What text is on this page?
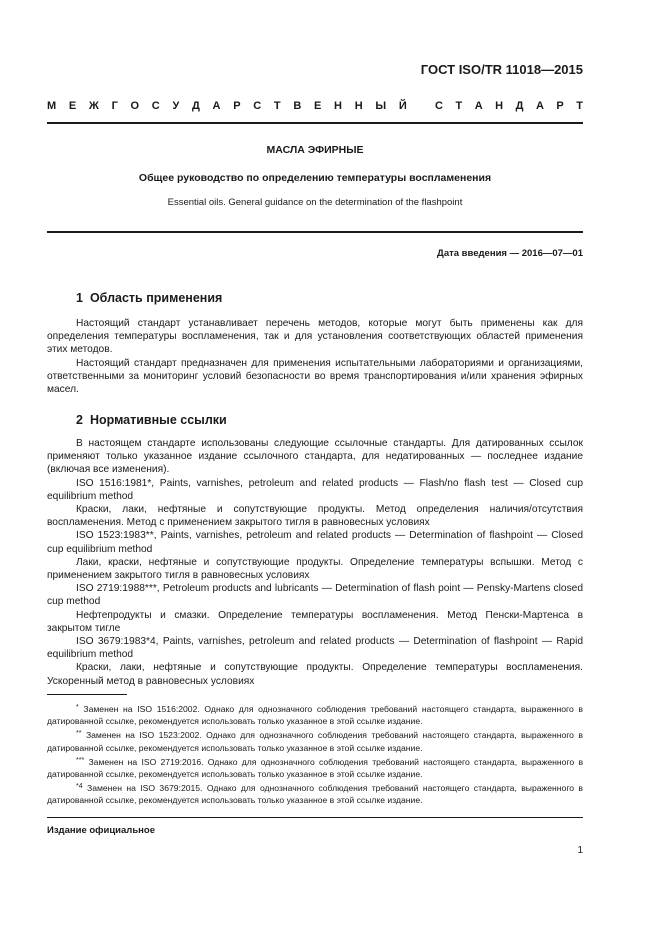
ГОСТ ISO/TR 11018—2015
М Е Ж Г О С У Д А Р С Т В Е Н Н Ы Й	С Т А Н Д А Р Т
МАСЛА ЭФИРНЫЕ
Общее руководство по определению температуры воспламенения
Essential oils. General guidance on the determination of the flashpoint
Дата введения — 2016—07—01
1 Область применения

Настоящий стандарт устанавливает перечень методов, которые могут быть применены как для определения температуры воспламенения, так и для установления соответствующих областей применения этих методов.

Настоящий стандарт предназначен для применения испытательными лабораториями и организациями, ответственными за мониторинг условий безопасности во время транспортирования и/или хранения эфирных масел.

2 Нормативные ссылки

В настоящем стандарте использованы следующие ссылочные стандарты. Для датированных ссылок применяют только указанное издание ссылочного стандарта, для недатированных — последнее издание (включая все изменения).

ISO 1516:1981*, Paints, varnishes, petroleum and related products — Flash/no flash test — Closed cup equilibrium method

Краски, лаки, нефтяные и сопутствующие продукты. Метод определения наличия/отсутствия воспламенения. Метод с применением закрытого тигля в равновесных условиях

ISO 1523:1983**, Paints, varnishes, petroleum and related products — Determination of flashpoint — Closed cup equilibrium method

Лаки, краски, нефтяные и сопутствующие продукты. Определение температуры вспышки. Метод с применением закрытого тигля в равновесных условиях

ISO 2719:1988***, Petroleum products and lubricants — Determination of flash point — Pensky-Martens closed cup method

Нефтепродукты и смазки. Определение температуры воспламенения. Метод Пенски-Мартенса в закрытом тигле

ISO 3679:1983*4, Paints, varnishes, petroleum and related products — Determination of flashpoint — Rapid equilibrium method

Краски, лаки, нефтяные и сопутствующие продукты. Определение температуры воспламенения. Ускоренный метод в равновесных условиях

* Заменен на ISO 1516:2002. Однако для однозначного соблюдения требований настоящего стандарта, выраженного в датированной ссылке, рекомендуется использовать только указанное в этой ссылке издание.

** Заменен на ISO 1523:2002. Однако для однозначного соблюдения требований настоящего стандарта, выраженного в датированной ссылке, рекомендуется использовать только указанное в этой ссылке издание.

*** Заменен на ISO 2719:2016. Однако для однозначного соблюдения требований настоящего стандарта, выраженного в датированной ссылке, рекомендуется использовать только указанное в этой ссылке издание.

$^{*4}$ Заменен на ISO 3679:2015. Однако для однозначного соблюдения требований настоящего стандарта, выраженного в датированной ссылке, рекомендуется использовать только указанное в этой ссылке издание.

Издание официальное
1
